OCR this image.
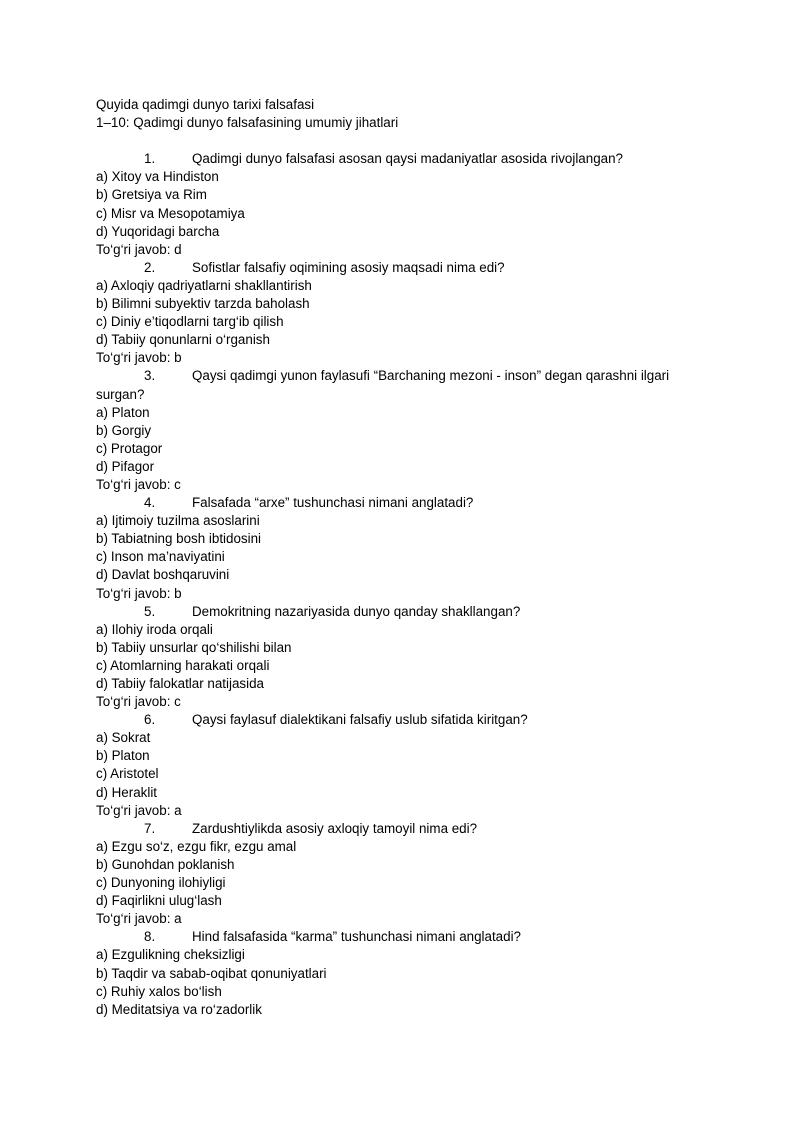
Quyida qadimgi dunyo tarixi falsafasi
1–10: Qadimgi dunyo falsafasining umumiy jihatlari
1.	Qadimgi dunyo falsafasi asosan qaysi madaniyatlar asosida rivojlangan?
a) Xitoy va Hindiston
b) Gretsiya va Rim
c) Misr va Mesopotamiya
d) Yuqoridagi barcha
To‘g‘ri javob: d
2.	Sofistlar falsafiy oqimining asosiy maqsadi nima edi?
a) Axloqiy qadriyatlarni shakllantirish
b) Bilimni subyektiv tarzda baholash
c) Diniy e’tiqodlarni targ‘ib qilish
d) Tabiiy qonunlarni o‘rganish
To‘g‘ri javob: b
3.	Qaysi qadimgi yunon faylasufi “Barchaning mezoni - inson” degan qarashni ilgari
surgan?
a) Platon
b) Gorgiy
c) Protagor
d) Pifagor
To‘g‘ri javob: c
4.	Falsafada “arxe” tushunchasi nimani anglatadi?
a) Ijtimoiy tuzilma asoslarini
b) Tabiatning bosh ibtidosini
c) Inson ma’naviyatini
d) Davlat boshqaruvini
To‘g‘ri javob: b
5.	Demokritning nazariyasida dunyo qanday shakllangan?
a) Ilohiy iroda orqali
b) Tabiiy unsurlar qo‘shilishi bilan
c) Atomlarning harakati orqali
d) Tabiiy falokatlar natijasida
To‘g‘ri javob: c
6.	Qaysi faylasuf dialektikani falsafiy uslub sifatida kiritgan?
a) Sokrat
b) Platon
c) Aristotel
d) Heraklit
To‘g‘ri javob: a
7.	Zardushtiylikda asosiy axloqiy tamoyil nima edi?
a) Ezgu so‘z, ezgu fikr, ezgu amal
b) Gunohdan poklanish
c) Dunyoning ilohiyligi
d) Faqirlikni ulug‘lash
To‘g‘ri javob: a
8.	Hind falsafasida “karma” tushunchasi nimani anglatadi?
a) Ezgulikning cheksizligi
b) Taqdir va sabab-oqibat qonuniyatlari
c) Ruhiy xalos bo‘lish
d) Meditatsiya va ro‘zadorlik
